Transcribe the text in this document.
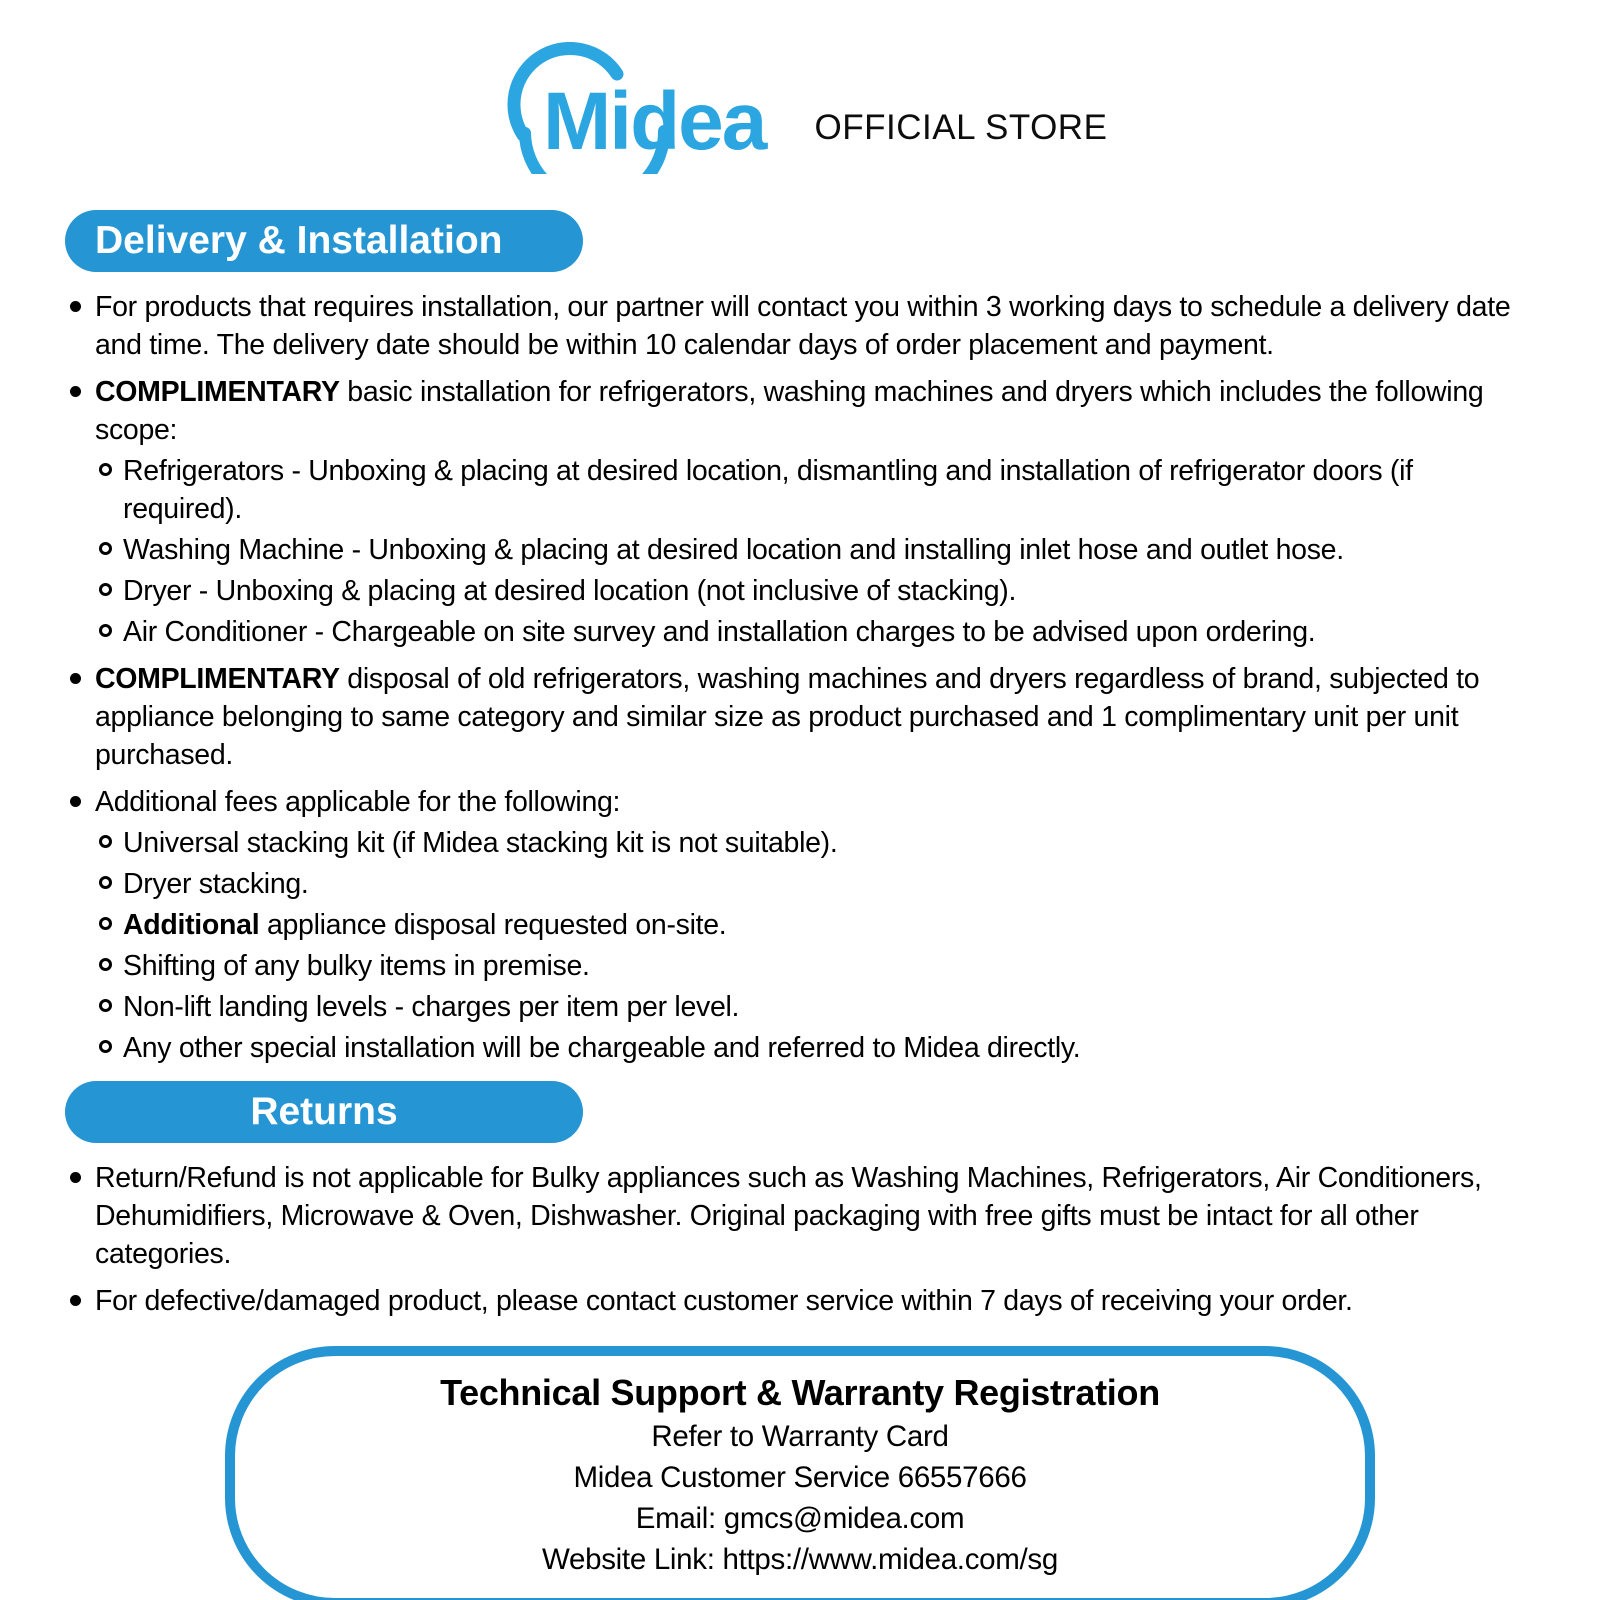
Midea OFFICIAL STORE
Delivery & Installation

For products that requires installation, our partner will contact you within 3 working days to schedule a delivery date and time. The delivery date should be within 10 calendar days of order placement and payment.

COMPLIMENTARY basic installation for refrigerators, washing machines and dryers which includes the following scope:

Refrigerators - Unboxing & placing at desired location, dismantling and installation of refrigerator doors (if required).

Washing Machine - Unboxing & placing at desired location and installing inlet hose and outlet hose.

Dryer - Unboxing & placing at desired location (not inclusive of stacking).

Air Conditioner - Chargeable on site survey and installation charges to be advised upon ordering.

COMPLIMENTARY disposal of old refrigerators, washing machines and dryers regardless of brand, subjected to appliance belonging to same category and similar size as product purchased and 1 complimentary unit per unit purchased.

Additional fees applicable for the following:

Universal stacking kit (if Midea stacking kit is not suitable).

Dryer stacking.

Additional appliance disposal requested on-site.

Shifting of any bulky items in premise.

Non-lift landing levels - charges per item per level.

Any other special installation will be chargeable and referred to Midea directly.

Returns

Return/Refund is not applicable for Bulky appliances such as Washing Machines, Refrigerators, Air Conditioners, Dehumidifiers, Microwave & Oven, Dishwasher. Original packaging with free gifts must be intact for all other categories.

For defective/damaged product, please contact customer service within 7 days of receiving your order.

Technical Support & Warranty Registration
Refer to Warranty Card
Midea Customer Service 66557666
Email: gmcs@midea.com
Website Link: https://www.midea.com/sg
